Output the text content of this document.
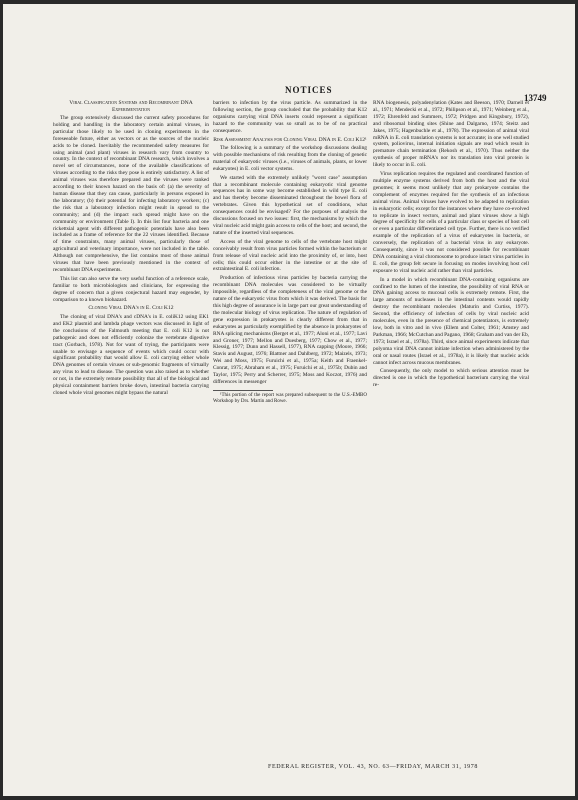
NOTICES
13749
Viral Classification Systems and Recombinant DNA Experimentation

The group extensively discussed the current safety procedures for holding and handling in the laboratory certain animal viruses, in particular those likely to be used in cloning experiments in the foreseeable future, either as vectors or as the sources of the nucleic acids to be cloned. Inevitably the recommended safety measures for using animal (and plant) viruses in research vary from country to country. In the context of recombinant DNA research, which involves a novel set of circumstances, none of the available classifications of viruses according to the risks they pose is entirely satisfactory. A list of animal viruses was therefore prepared and the viruses were ranked according to their known hazard on the basis of: (a) the severity of human disease that they can cause, particularly in persons exposed in the laboratory; (b) their potential for infecting laboratory workers; (c) the risk that a laboratory infection might result in spread to the community; and (d) the impact such spread might have on the community or environment (Table I). In this list four bacteria and one rickettsial agent with different pathogenic potentials have also been included as a frame of reference for the 22 viruses identified. Because of time constraints, many animal viruses, particularly those of agricultural and veterinary importance, were not included in the table. Although not comprehensive, the list contains most of those animal viruses that have been previously mentioned in the context of recombinant DNA experiments.

This list can also serve the very useful function of a reference scale, familiar to both microbiologists and clinicians, for expressing the degree of concern that a given conjectural hazard may engender, by comparison to a known biohazard.

Cloning Viral DNA's in E. Coli K12

The cloning of viral DNA's and cDNA's in E. coliK12 using EK1 and EK2 plasmid and lambda phage vectors was discussed in light of the conclusions of the Falmouth meeting that E. coli K12 is not pathogenic and does not efficiently colonize the vertebrate digestive tract (Gorbach, 1978). Not for want of trying, the participants were unable to envisage a sequence of events which could occur with significant probability that would allow E. coli carrying either whole DNA genomes of certain viruses or sub-genomic fragments of virtually any virus to lead to disease. The question was also raised as to whether or not, in the extremely remote possibility that all of the biological and physical containment barriers broke down, intestinal bacteria carrying cloned whole viral genomes might bypass the natural

barriers to infection by the virus particle. As summarized in the following section, the group concluded that the probability that K12 organisms carrying viral DNA inserts could represent a significant hazard to the community was so small as to be of no practical consequence.

Risk Assessment Analysis for Cloning Viral DNA in E. Coli K12¹

The following is a summary of the workshop discussions dealing with possible mechanisms of risk resulting from the cloning of genetic material of eukaryotic viruses (i.e., viruses of animals, plants, or lower eukaryotes) in E. coli vector systems.

We started with the extremely unlikely "worst case" assumption that a recombinant molecule containing eukaryotic viral genome sequences has in some way become established in wild type E. coli and has thereby become disseminated throughout the bowel flora of vertebrates. Given this hypothetical set of conditions, what consequences could be envisaged? For the purposes of analysis the discussions focused on two issues: first, the mechanisms by which the viral nucleic acid might gain access to cells of the host; and second, the nature of the inserted viral sequences.

Access of the viral genome to cells of the vertebrate host might conceivably result from virus particles formed within the bacterium or from release of viral nucleic acid into the proximity of, or into, host cells; this could occur either in the intestine or at the site of extraintestinal E. coli infection.

Production of infectious virus particles by bacteria carrying the recombinant DNA molecules was considered to be virtually impossible, regardless of the completeness of the viral genome or the nature of the eukaryotic virus from which it was derived. The basis for this high degree of assurance is in large part our great understanding of the molecular biology of virus replication. The nature of regulation of gene expression in prokaryotes is clearly different from that in eukaryotes as particularly exemplified by the absence in prokaryotes of RNA splicing mechanisms (Berget et al., 1977; Aloni et al., 1977; Lavi and Groner, 1977; Mellon and Duesberg, 1977; Chow et al., 1977; Klessig, 1977; Dunn and Hassell, 1977), RNA capping (Moore, 1966; Stavis and August, 1976; Blattner and Dahlberg, 1972; Maizels, 1973; Wei and Moss, 1975; Furuichi et al., 1975a; Keith and Fraenkel-Conrat, 1975; Abraham et al., 1975; Furuichi et al., 1975b; Dubin and Taylor, 1975; Perry and Scherrer, 1975; Moss and Koczot, 1976) and differences in messenger

¹This portion of the report was prepared subsequent to the U.S.-EMBO Workshop by Drs. Martin and Rowe.

RNA biogenesis, polyadenylation (Kates and Beeson, 1970; Darnell et al., 1971; Mendecki et al., 1972; Philipson et al., 1971; Weinberg et al., 1972; Ehrenfeld and Summers, 1972; Pridgen and Kingsbury, 1972), and ribosomal binding sites (Shine and Dalgarno, 1974; Steitz and Jakes, 1975; Hagenbuchle et al., 1978). The expression of animal viral mRNA in E. coli translation systems is not accurate; in one well studied system, poliovirus, internal initiation signals are read which result in premature chain termination (Rekosh et al., 1970). Thus neither the synthesis of proper mRNA's nor its translation into viral protein is likely to occur in E. coli.

Virus replication requires the regulated and coordinated function of multiple enzyme systems derived from both the host and the viral genomes; it seems most unlikely that any prokaryote contains the complement of enzymes required for the synthesis of an infectious animal virus. Animal viruses have evolved to be adapted to replication in eukaryotic cells; except for the instances where they have co-evolved to replicate in insect vectors, animal and plant viruses show a high degree of specificity for cells of a particular class or species of host cell or even a particular differentiated cell type. Further, there is no verified example of the replication of a virus of eukaryotes in bacteria, or conversely, the replication of a bacterial virus in any eukaryote. Consequently, since it was not considered possible for recombinant DNA containing a viral chromosome to produce intact virus particles in E. coli, the group felt secure in focusing on modes involving host cell exposure to viral nucleic acid rather than viral particles.

In a model in which recombinant DNA-containing organisms are confined to the lumen of the intestine, the possibility of viral RNA or DNA gaining access to mucosal cells is extremely remote. First, the large amounts of nucleases in the intestinal contents would rapidly destroy the recombinant molecules (Maturin and Curtiss, 1977). Second, the efficiency of infection of cells by viral nucleic acid molecules, even in the presence of chemical potentiators, is extremely low, both in vitro and in vivo (Ellem and Colter, 1961; Amstey and Parkman, 1966; McCutchan and Pagano, 1968; Graham and van der Eb, 1973; Israel et al., 1978a). Third, since animal experiments indicate that polyoma viral DNA cannot initiate infection when administered by the oral or nasal routes (Israel et al., 1978a), it is likely that nucleic acids cannot infect across mucous membranes.

Consequently, the only model to which serious attention must be directed is one in which the hypothetical bacterium carrying the viral re-

FEDERAL REGISTER, VOL. 43, NO. 63—FRIDAY, MARCH 31, 1978
